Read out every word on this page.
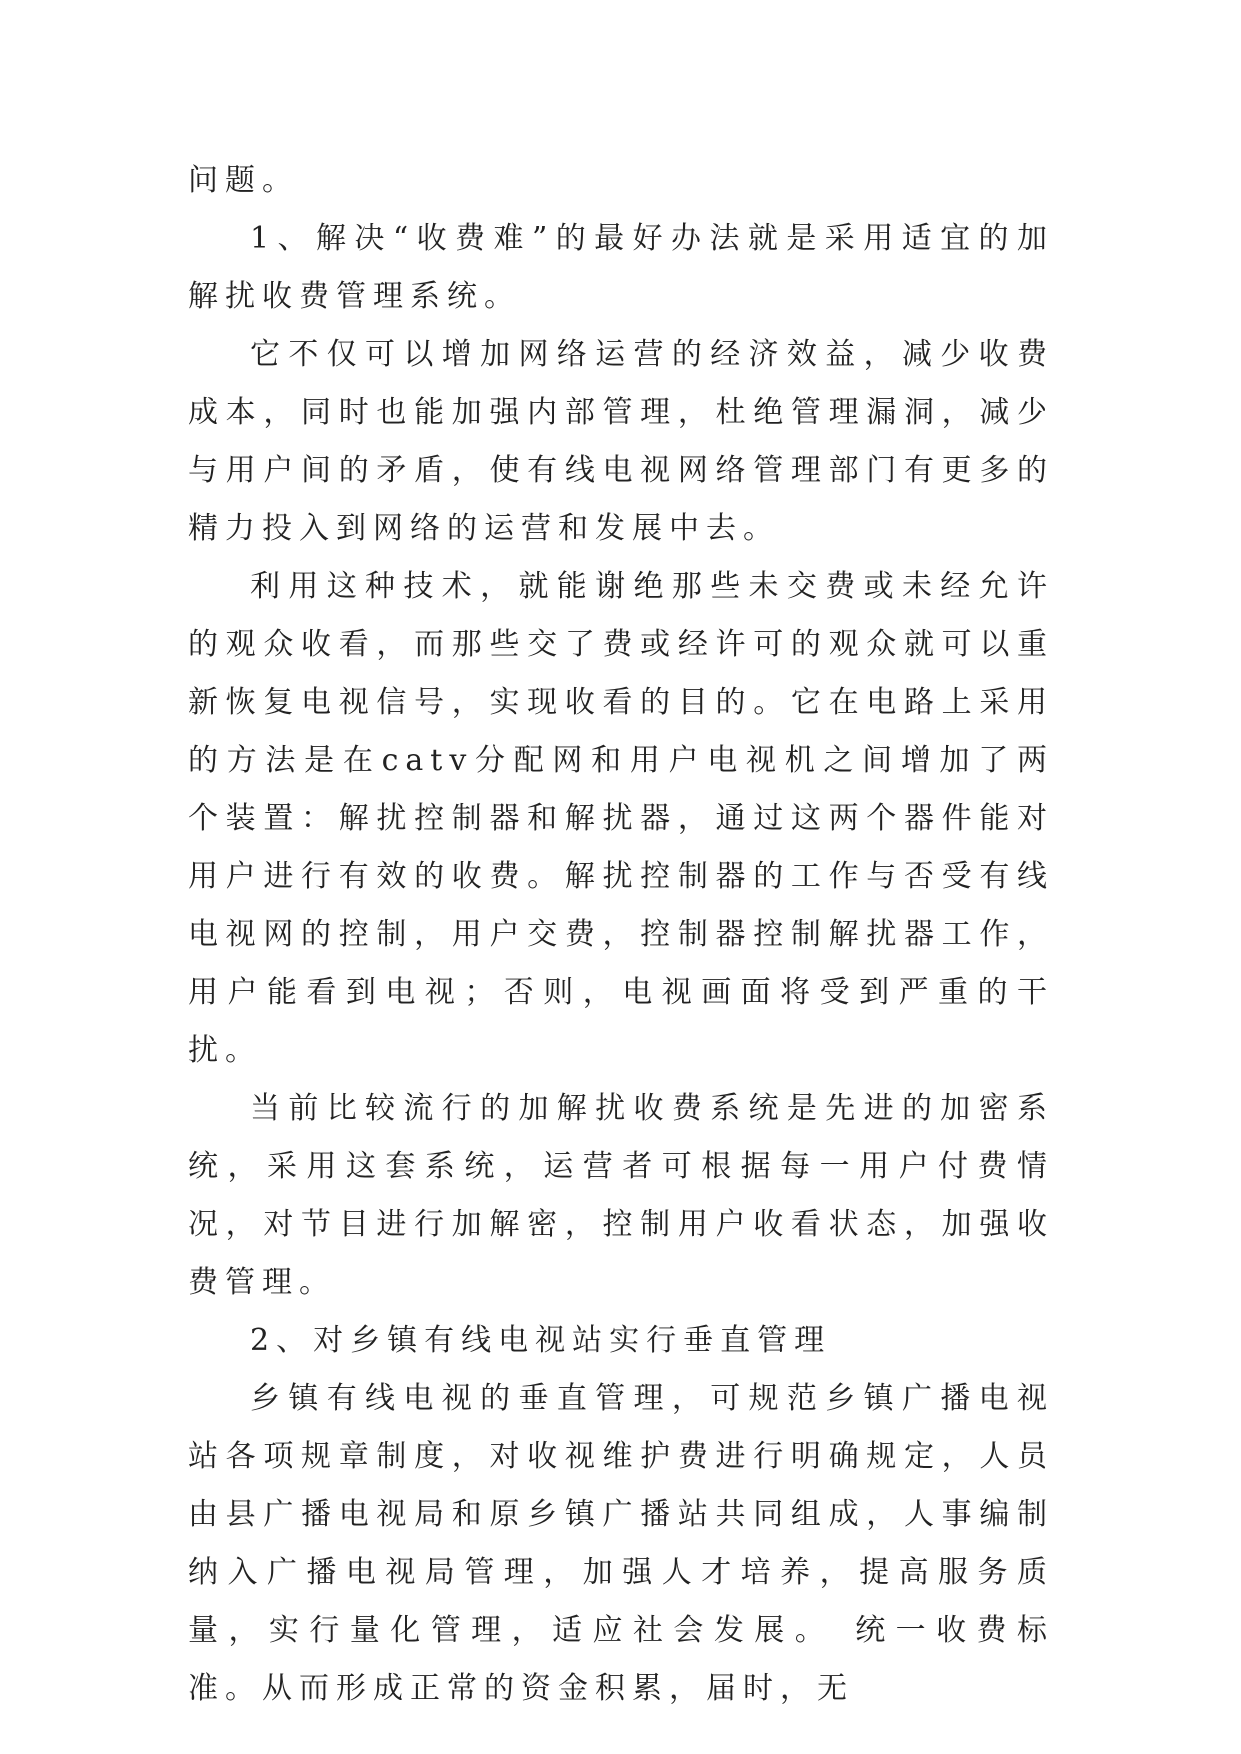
问题。

1、解决“收费难”的最好办法就是采用适宜的加解扰收费管理系统。

它不仅可以增加网络运营的经济效益，减少收费成本，同时也能加强内部管理，杜绝管理漏洞，减少与用户间的矛盾，使有线电视网络管理部门有更多的精力投入到网络的运营和发展中去。

利用这种技术，就能谢绝那些未交费或未经允许的观众收看，而那些交了费或经许可的观众就可以重新恢复电视信号，实现收看的目的。它在电路上采用的方法是在catv分配网和用户电视机之间增加了两个装置：解扰控制器和解扰器，通过这两个器件能对用户进行有效的收费。解扰控制器的工作与否受有线电视网的控制，用户交费，控制器控制解扰器工作，用户能看到电视；否则，电视画面将受到严重的干扰。

当前比较流行的加解扰收费系统是先进的加密系统，采用这套系统，运营者可根据每一用户付费情况，对节目进行加解密，控制用户收看状态，加强收费管理。

2、对乡镇有线电视站实行垂直管理

乡镇有线电视的垂直管理，可规范乡镇广播电视站各项规章制度，对收视维护费进行明确规定，人员由县广播电视局和原乡镇广播站共同组成，人事编制纳入广播电视局管理，加强人才培养，提高服务质量，实行量化管理，适应社会发展。 统一收费标准。从而形成正常的资金积累，届时，无
